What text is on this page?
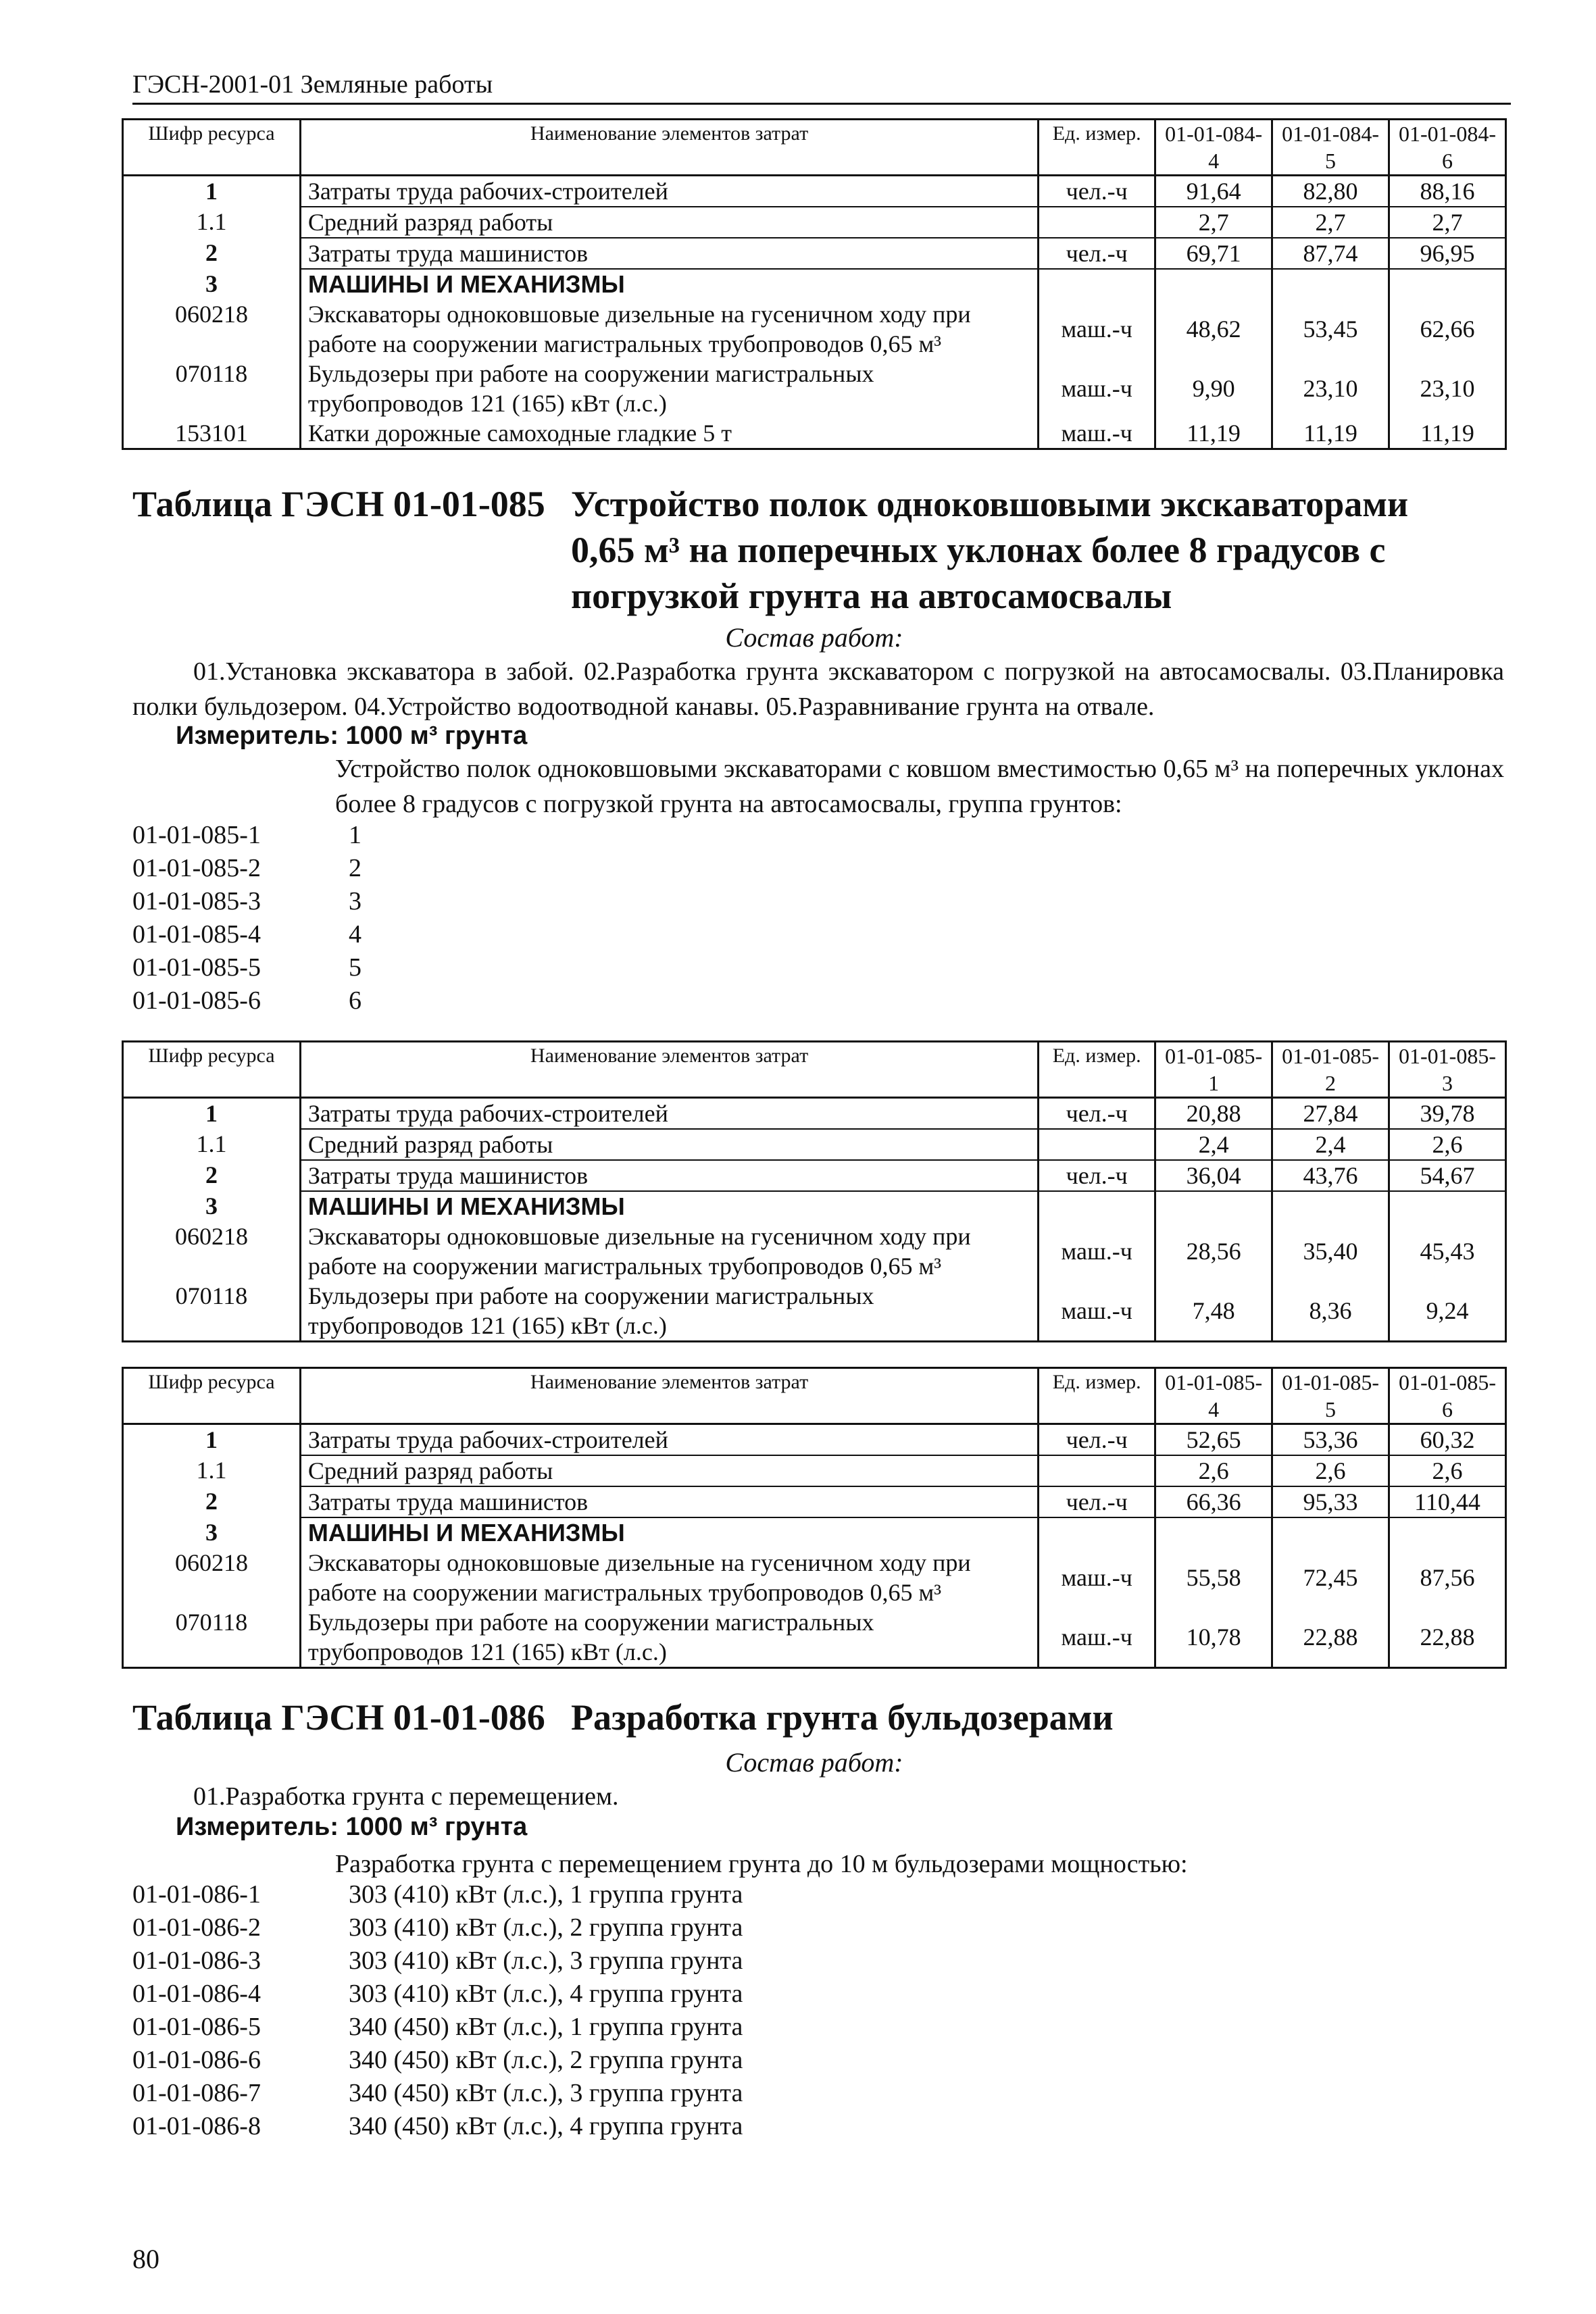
ГЭСН-2001-01 Земляные работы
Шифр ресурса	Наименование элементов затрат	Ед. измер.	01-01-084-4	01-01-084-5	01-01-084-6
1	Затраты труда рабочих-строителей	чел.-ч	91,64	82,80	88,16
1.1	Средний разряд работы		2,7	2,7	2,7
2	Затраты труда машинистов	чел.-ч	69,71	87,74	96,95
3	МАШИНЫ И МЕХАНИЗМЫ				
060218	Экскаваторы одноковшовые дизельные на гусеничном ходу при работе на сооружении магистральных трубопроводов 0,65 м³	маш.-ч	48,62	53,45	62,66
070118	Бульдозеры при работе на сооружении магистральных трубопроводов 121 (165) кВт (л.с.)	маш.-ч	9,90	23,10	23,10
153101	Катки дорожные самоходные гладкие 5 т	маш.-ч	11,19	11,19	11,19
Таблица ГЭСН 01-01-085 Устройство полок одноковшовыми экскаваторами 0,65 м³ на поперечных уклонах более 8 градусов с погрузкой грунта на автосамосвалы
Состав работ:
01.Установка экскаватора в забой. 02.Разработка грунта экскаватором с погрузкой на автосамосвалы. 03.Планировка полки бульдозером. 04.Устройство водоотводной канавы. 05.Разравнивание грунта на отвале.
Измеритель: 1000 м³ грунта
Устройство полок одноковшовыми экскаваторами с ковшом вместимостью 0,65 м³ на поперечных уклонах более 8 градусов с погрузкой грунта на автосамосвалы, группа грунтов:
01-01-085-1	1
01-01-085-2	2
01-01-085-3	3
01-01-085-4	4
01-01-085-5	5
01-01-085-6	6
Шифр ресурса	Наименование элементов затрат	Ед. измер.	01-01-085-1	01-01-085-2	01-01-085-3
1	Затраты труда рабочих-строителей	чел.-ч	20,88	27,84	39,78
1.1	Средний разряд работы		2,4	2,4	2,6
2	Затраты труда машинистов	чел.-ч	36,04	43,76	54,67
3	МАШИНЫ И МЕХАНИЗМЫ				
060218	Экскаваторы одноковшовые дизельные на гусеничном ходу при работе на сооружении магистральных трубопроводов 0,65 м³	маш.-ч	28,56	35,40	45,43
070118	Бульдозеры при работе на сооружении магистральных трубопроводов 121 (165) кВт (л.с.)	маш.-ч	7,48	8,36	9,24
Шифр ресурса	Наименование элементов затрат	Ед. измер.	01-01-085-4	01-01-085-5	01-01-085-6
1	Затраты труда рабочих-строителей	чел.-ч	52,65	53,36	60,32
1.1	Средний разряд работы		2,6	2,6	2,6
2	Затраты труда машинистов	чел.-ч	66,36	95,33	110,44
3	МАШИНЫ И МЕХАНИЗМЫ				
060218	Экскаваторы одноковшовые дизельные на гусеничном ходу при работе на сооружении магистральных трубопроводов 0,65 м³	маш.-ч	55,58	72,45	87,56
070118	Бульдозеры при работе на сооружении магистральных трубопроводов 121 (165) кВт (л.с.)	маш.-ч	10,78	22,88	22,88
Таблица ГЭСН 01-01-086 Разработка грунта бульдозерами
Состав работ:
01.Разработка грунта с перемещением.
Измеритель: 1000 м³ грунта
Разработка грунта с перемещением грунта до 10 м бульдозерами мощностью:
01-01-086-1	303 (410) кВт (л.с.), 1 группа грунта
01-01-086-2	303 (410) кВт (л.с.), 2 группа грунта
01-01-086-3	303 (410) кВт (л.с.), 3 группа грунта
01-01-086-4	303 (410) кВт (л.с.), 4 группа грунта
01-01-086-5	340 (450) кВт (л.с.), 1 группа грунта
01-01-086-6	340 (450) кВт (л.с.), 2 группа грунта
01-01-086-7	340 (450) кВт (л.с.), 3 группа грунта
01-01-086-8	340 (450) кВт (л.с.), 4 группа грунта
80
